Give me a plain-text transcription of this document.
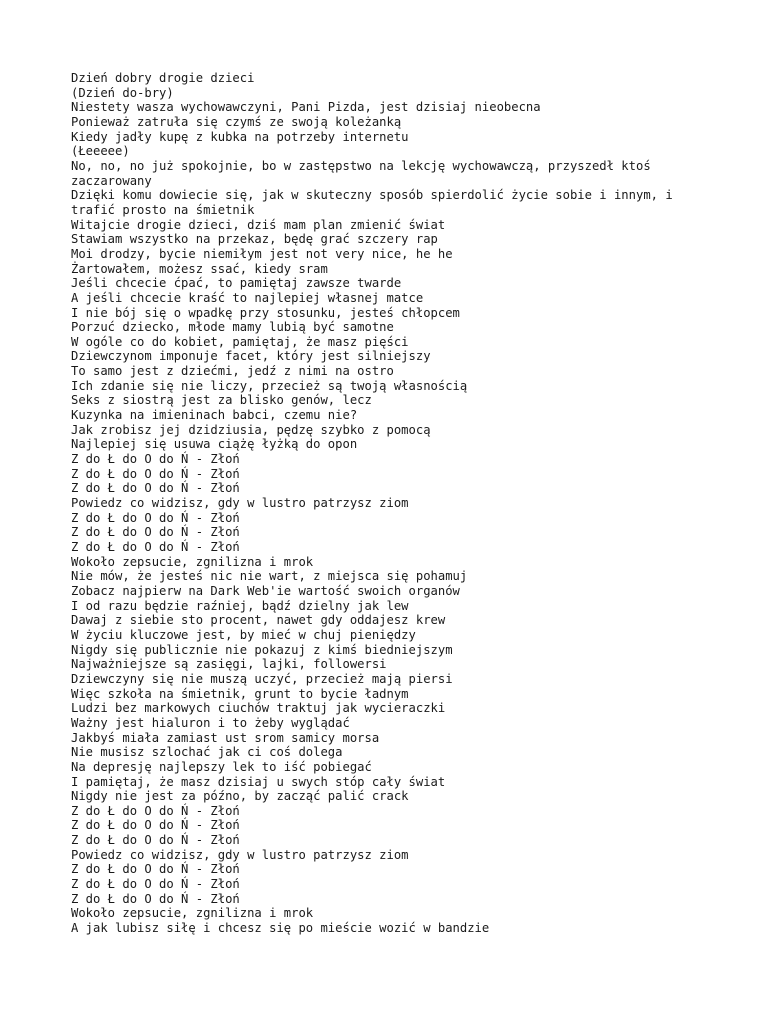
Dzień dobry drogie dzieci
(Dzień do-bry)
Niestety wasza wychowawczyni, Pani Pizda, jest dzisiaj nieobecna
Ponieważ zatruła się czymś ze swoją koleżanką
Kiedy jadły kupę z kubka na potrzeby internetu
(Łeeeee)
No, no, no już spokojnie, bo w zastępstwo na lekcję wychowawczą, przyszedł ktoś zaczarowany
Dzięki komu dowiecie się, jak w skuteczny sposób spierdolić życie sobie i innym, i trafić prosto na śmietnik
Witajcie drogie dzieci, dziś mam plan zmienić świat
Stawiam wszystko na przekaz, będę grać szczery rap
Moi drodzy, bycie niemiłym jest not very nice, he he
Żartowałem, możesz ssać, kiedy sram
Jeśli chcecie ćpać, to pamiętaj zawsze twarde
A jeśli chcecie kraść to najlepiej własnej matce
I nie bój się o wpadkę przy stosunku, jesteś chłopcem
Porzuć dziecko, młode mamy lubią być samotne
W ogóle co do kobiet, pamiętaj, że masz pięści
Dziewczynom imponuje facet, który jest silniejszy
To samo jest z dziećmi, jedź z nimi na ostro
Ich zdanie się nie liczy, przecież są twoją własnością
Seks z siostrą jest za blisko genów, lecz
Kuzynka na imieninach babci, czemu nie?
Jak zrobisz jej dzidziusia, pędzę szybko z pomocą
Najlepiej się usuwa ciążę łyżką do opon
Z do Ł do O do Ń - Złoń
Z do Ł do O do Ń - Złoń
Z do Ł do O do Ń - Złoń
Powiedz co widzisz, gdy w lustro patrzysz ziom
Z do Ł do O do Ń - Złoń
Z do Ł do O do Ń - Złoń
Z do Ł do O do Ń - Złoń
Wokoło zepsucie, zgnilizna i mrok
Nie mów, że jesteś nic nie wart, z miejsca się pohamuj
Zobacz najpierw na Dark Web'ie wartość swoich organów
I od razu będzie raźniej, bądź dzielny jak lew
Dawaj z siebie sto procent, nawet gdy oddajesz krew
W życiu kluczowe jest, by mieć w chuj pieniędzy
Nigdy się publicznie nie pokazuj z kimś biedniejszym
Najważniejsze są zasięgi, lajki, followersi
Dziewczyny się nie muszą uczyć, przecież mają piersi
Więc szkoła na śmietnik, grunt to bycie ładnym
Ludzi bez markowych ciuchów traktuj jak wycieraczki
Ważny jest hialuron i to żeby wyglądać
Jakbyś miała zamiast ust srom samicy morsa
Nie musisz szlochać jak ci coś dolega
Na depresję najlepszy lek to iść pobiegać
I pamiętaj, że masz dzisiaj u swych stóp cały świat
Nigdy nie jest za późno, by zacząć palić crack
Z do Ł do O do Ń - Złoń
Z do Ł do O do Ń - Złoń
Z do Ł do O do Ń - Złoń
Powiedz co widzisz, gdy w lustro patrzysz ziom
Z do Ł do O do Ń - Złoń
Z do Ł do O do Ń - Złoń
Z do Ł do O do Ń - Złoń
Wokoło zepsucie, zgnilizna i mrok
A jak lubisz siłę i chcesz się po mieście wozić w bandzie
